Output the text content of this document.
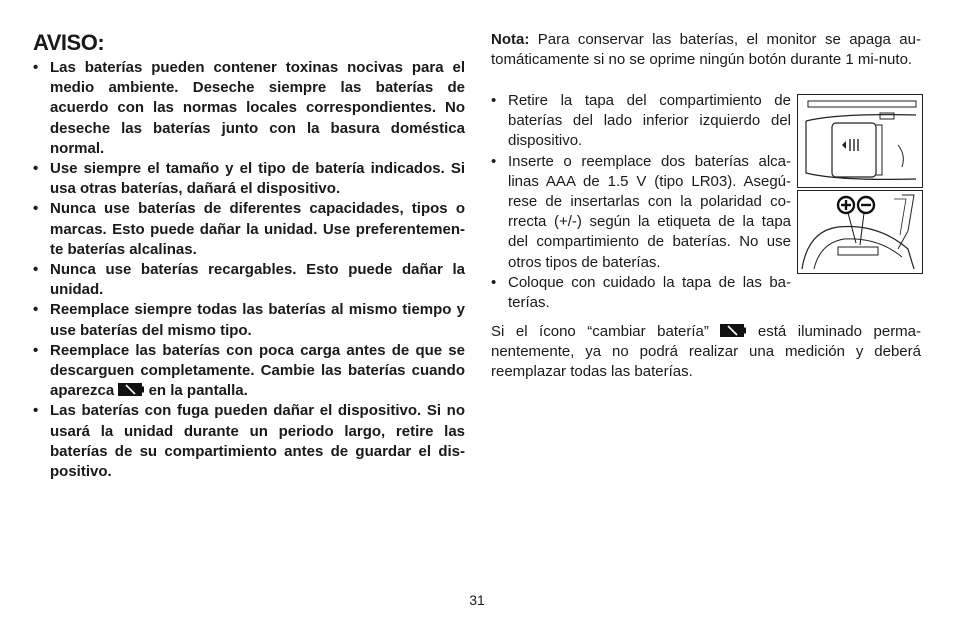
AVISO:
• Las baterías pueden contener toxinas nocivas para el medio ambiente. Deseche siempre las baterías de acuerdo con las normas locales correspondientes. No deseche las baterías junto con la basura doméstica normal.
• Use siempre el tamaño y el tipo de batería indicados. Si usa otras baterías, dañará el dispositivo.
• Nunca use baterías de diferentes capacidades, tipos o marcas. Esto puede dañar la unidad. Use preferentemen-te baterías alcalinas.
• Nunca use baterías recargables. Esto puede dañar la unidad.
• Reemplace siempre todas las baterías al mismo tiempo y use baterías del mismo tipo.
• Reemplace las baterías con poca carga antes de que se descarguen completamente. Cambie las baterías cuando aparezca en la pantalla.
• Las baterías con fuga pueden dañar el dispositivo. Si no usará la unidad durante un periodo largo, retire las baterías de su compartimiento antes de guardar el dis-positivo.
Nota: Para conservar las baterías, el monitor se apaga au-tomáticamente si no se oprime ningún botón durante 1 mi-nuto.
• Retire la tapa del compartimiento de baterías del lado inferior izquierdo del dispositivo.
• Inserte o reemplace dos baterías alca-linas AAA de 1.5 V (tipo LR03). Asegú-rese de insertarlas con la polaridad co-rrecta (+/-) según la etiqueta de la tapa del compartimiento de baterías. No use otros tipos de baterías.
• Coloque con cuidado la tapa de las ba-terías.
Si el ícono “cambiar batería”	está iluminado perma-nentemente, ya no podrá realizar una medición y deberá reemplazar todas las baterías.
31
